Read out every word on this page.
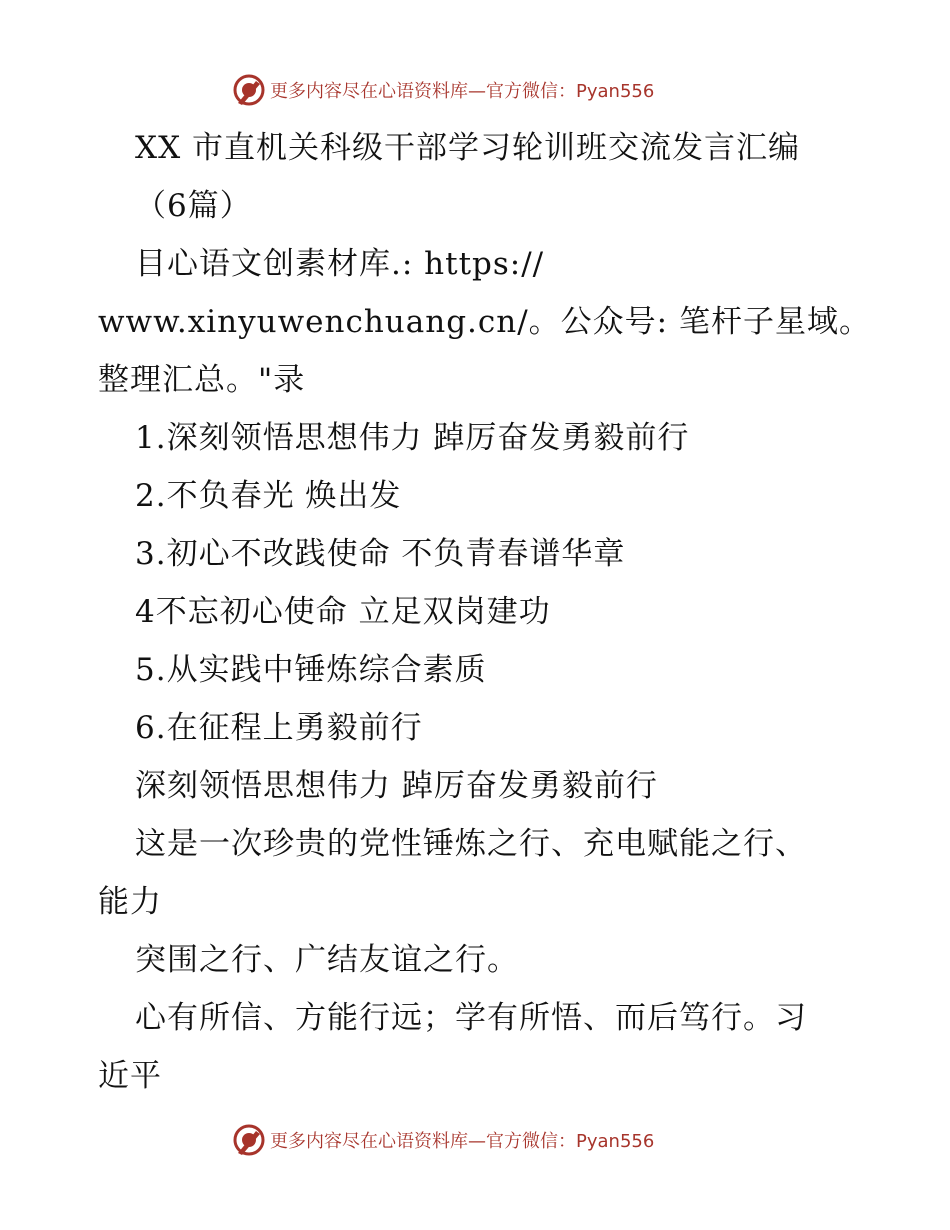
更多内容尽在心语资料库—官方微信：Pyan556
XX 市直机关科级干部学习轮训班交流发言汇编
（6篇）
目心语文创素材库.: https://
www.xinyuwenchuang.cn/。公众号: 笔杆子星域。
整理汇总。"录
1.深刻领悟思想伟力 踔厉奋发勇毅前行
2.不负春光 焕出发
3.初心不改践使命 不负青春谱华章
4不忘初心使命 立足双岗建功
5.从实践中锤炼综合素质
6.在征程上勇毅前行
深刻领悟思想伟力 踔厉奋发勇毅前行
这是一次珍贵的党性锤炼之行、充电赋能之行、
能力
突围之行、广结友谊之行。
心有所信、方能行远；学有所悟、而后笃行。习
近平
更多内容尽在心语资料库—官方微信：Pyan556
